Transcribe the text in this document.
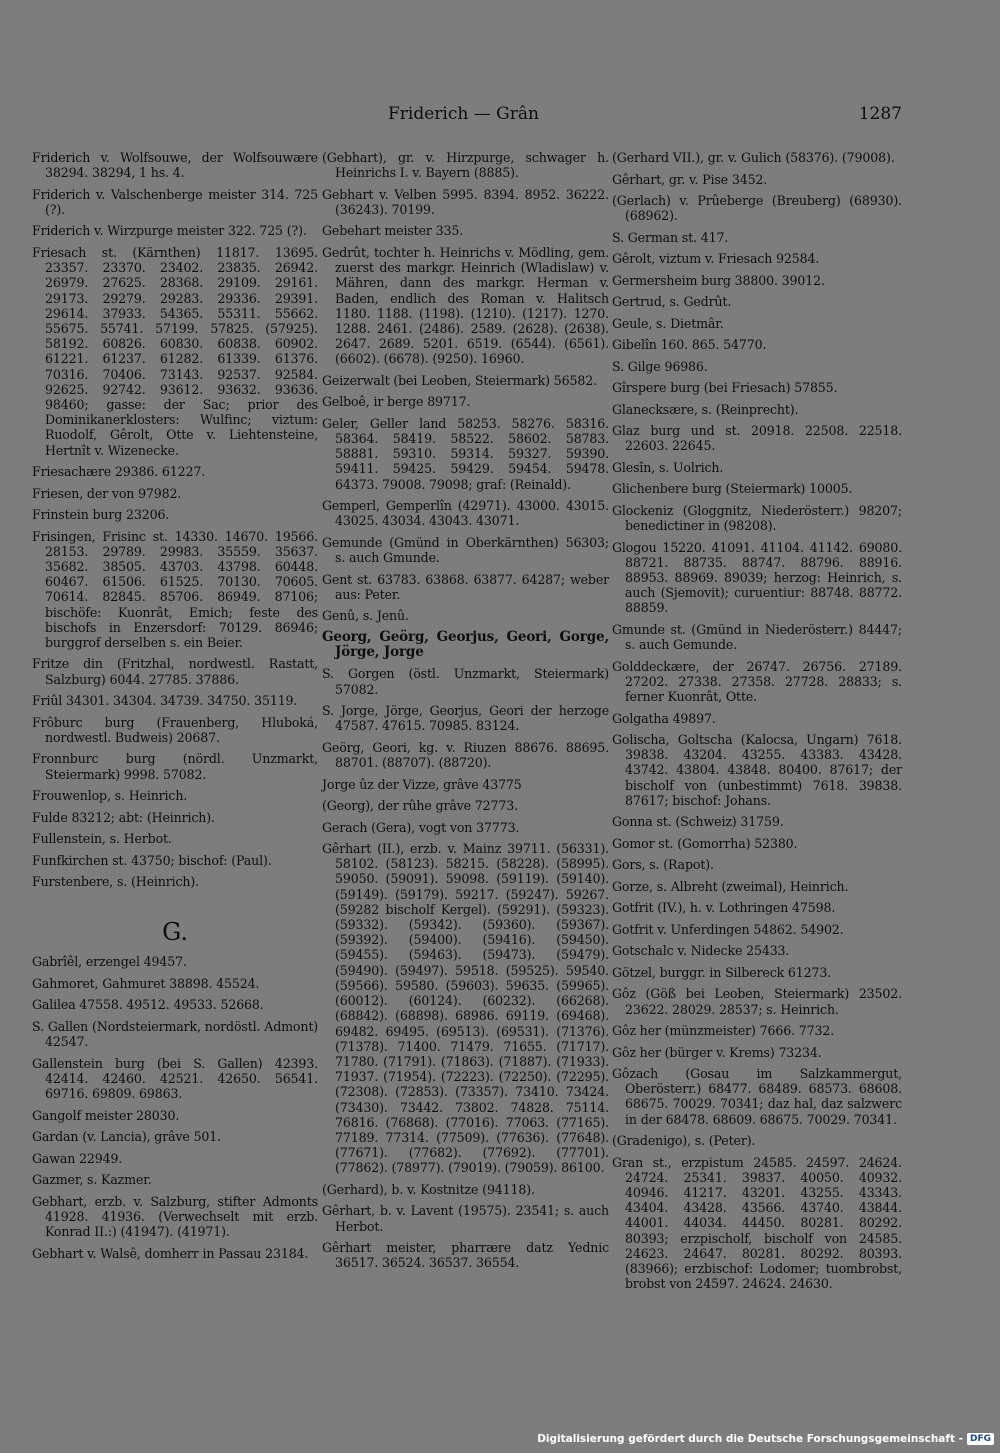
Friderich — Grân	1287

Friderich v. Wolfsouwe, der Wolfsouwære 38294. 38294, 1 hs. 4.

Friderich v. Valschenberge meister 314. 725 (?).

Friderich v. Wirzpurge meister 322. 725 (?).

Friesach st. (Kärnthen) 11817. 13695. 23357. 23370. 23402. 23835. 26942. 26979. 27625. 28368. 29109. 29161. 29173. 29279. 29283. 29336. 29391. 29614. 37933. 54365. 55311. 55662. 55675. 55741. 57199. 57825. (57925). 58192. 60826. 60830. 60838. 60902. 61221. 61237. 61282. 61339. 61376. 70316. 70406. 73143. 92537. 92584. 92625. 92742. 93612. 93632. 93636. 98460; gasse: der Sac; prior des Dominikanerklosters: Wulfinc; viztum: Ruodolf, Gêrolt, Otte v. Liehtensteine, Hertnît v. Wizenecke.

Friesachære 29386. 61227.

Friesen, der von 97982.

Frinstein burg 23206.

Frisingen, Frisinc st. 14330. 14670. 19566. 28153. 29789. 29983. 35559. 35637. 35682. 38505. 43703. 43798. 60448. 60467. 61506. 61525. 70130. 70605. 70614. 82845. 85706. 86949. 87106; bischöfe: Kuonrât, Emich; feste des bischofs in Enzersdorf: 70129. 86946; burggrof derselben s. ein Beier.

Fritze din (Fritzhal, nordwestl. Rastatt, Salzburg) 6044. 27785. 37886.

Friûl 34301. 34304. 34739. 34750. 35119.

Frôburc burg (Frauenberg, Hluboká, nordwestl. Budweis) 20687.

Fronnburc burg (nördl. Unzmarkt, Steiermark) 9998. 57082.

Frouwenlop, s. Heinrich.

Fulde 83212; abt: (Heinrich).

Fullenstein, s. Herbot.

Funfkirchen st. 43750; bischof: (Paul).

Furstenbere, s. (Heinrich).

G.

Gabrîêl, erzengel 49457.

Gahmoret, Gahmuret 38898. 45524.

Galilea 47558. 49512. 49533. 52668.

S. Gallen (Nordsteiermark, nordöstl. Admont) 42547.

Gallenstein burg (bei S. Gallen) 42393. 42414. 42460. 42521. 42650. 56541. 69716. 69809. 69863.

Gangolf meister 28030.

Gardan (v. Lancia), grâve 501.

Gawan 22949.

Gazmer, s. Kazmer.

Gebhart, erzb. v. Salzburg, stifter Admonts 41928. 41936. (Verwechselt mit erzb. Konrad II.:) (41947). (41971).

Gebhart v. Walsê, domherr in Passau 23184.

(Gebhart), gr. v. Hirzpurge, schwager h. Heinrichs I. v. Bayern (8885).

Gebhart v. Velben 5995. 8394. 8952. 36222. (36243). 70199.

Gebehart meister 335.

Gedrût, tochter h. Heinrichs v. Mödling, gem. zuerst des markgr. Heinrich (Wladislaw) v. Mähren, dann des markgr. Herman v. Baden, endlich des Roman v. Halitsch 1180. 1188. (1198). (1210). (1217). 1270. 1288. 2461. (2486). 2589. (2628). (2638). 2647. 2689. 5201. 6519. (6544). (6561). (6602). (6678). (9250). 16960.

Geizerwalt (bei Leoben, Steiermark) 56582.

Gelboê, ir berge 89717.

Geler, Geller land 58253. 58276. 58316. 58364. 58419. 58522. 58602. 58783. 58881. 59310. 59314. 59327. 59390. 59411. 59425. 59429. 59454. 59478. 64373. 79008. 79098; graf: (Reinald).

Gemperl, Gemperlîn (42971). 43000. 43015. 43025. 43034. 43043. 43071.

Gemunde (Gmünd in Oberkärnthen) 56303; s. auch Gmunde.

Gent st. 63783. 63868. 63877. 64287; weber aus: Peter.

Genû, s. Jenû.

Georg, Geörg, Georjus, Geori, Gorge, Jörge, Jorge

S. Gorgen (östl. Unzmarkt, Steiermark) 57082.

S. Jorge, Jörge, Georjus, Geori der herzoge 47587. 47615. 70985. 83124.

Geörg, Geori, kg. v. Riuzen 88676. 88695. 88701. (88707). (88720).

Jorge ûz der Vizze, grâve 43775

(Georg), der rûhe grâve 72773.

Gerach (Gera), vogt von 37773.

Gêrhart (II.), erzb. v. Mainz 39711. (56331). 58102. (58123). 58215. (58228). (58995). 59050. (59091). 59098. (59119). (59140). (59149). (59179). 59217. (59247). 59267. (59282 bischolf Kergel). (59291). (59323). (59332). (59342). (59360). (59367). (59392). (59400). (59416). (59450). (59455). (59463). (59473). (59479). (59490). (59497). 59518. (59525). 59540. (59566). 59580. (59603). 59635. (59965). (60012). (60124). (60232). (66268). (68842). (68898). 68986. 69119. (69468). 69482. 69495. (69513). (69531). (71376). (71378). 71400. 71479. 71655. (71717). 71780. (71791). (71863). (71887). (71933). 71937. (71954). (72223). (72250). (72295). (72308). (72853). (73357). 73410. 73424. (73430). 73442. 73802. 74828. 75114. 76816. (76868). (77016). 77063. (77165). 77189. 77314. (77509). (77636). (77648). (77671). (77682). (77692). (77701). (77862). (78977). (79019). (79059). 86100.

(Gerhard), b. v. Kostnitze (94118).

Gêrhart, b. v. Lavent (19575). 23541; s. auch Herbot.

Gêrhart meister, pharrære datz Yednic 36517. 36524. 36537. 36554.

(Gerhard VII.), gr. v. Gulich (58376). (79008).

Gêrhart, gr. v. Pise 3452.

(Gerlach) v. Prûeberge (Breuberg) (68930). (68962).

S. German st. 417.

Gêrolt, viztum v. Friesach 92584.

Germersheim burg 38800. 39012.

Gertrud, s. Gedrût.

Geule, s. Dietmâr.

Gibelîn 160. 865. 54770.

S. Gilge 96986.

Gîrspere burg (bei Friesach) 57855.

Glanecksære, s. (Reinprecht).

Glaz burg und st. 20918. 22508. 22518. 22603. 22645.

Glesîn, s. Uolrich.

Glichenbere burg (Steiermark) 10005.

Glockeniz (Gloggnitz, Niederösterr.) 98207; benedictiner in (98208).

Glogou 15220. 41091. 41104. 41142. 69080. 88721. 88735. 88747. 88796. 88916. 88953. 88969. 89039; herzog: Heinrich, s. auch (Sjemovit); curuentiur: 88748. 88772. 88859.

Gmunde st. (Gmünd in Niederösterr.) 84447; s. auch Gemunde.

Golddeckære, der 26747. 26756. 27189. 27202. 27338. 27358. 27728. 28833; s. ferner Kuonrât, Otte.

Golgatha 49897.

Golischa, Goltscha (Kalocsa, Ungarn) 7618. 39838. 43204. 43255. 43383. 43428. 43742. 43804. 43848. 80400. 87617; der bischolf von (unbestimmt) 7618. 39838. 87617; bischof: Johans.

Gonna st. (Schweiz) 31759.

Gomor st. (Gomorrha) 52380.

Gors, s. (Rapot).

Gorze, s. Albreht (zweimal), Heinrich.

Gotfrit (IV.), h. v. Lothringen 47598.

Gotfrit v. Unferdingen 54862. 54902.

Gotschalc v. Nidecke 25433.

Götzel, burggr. in Silbereck 61273.

Gôz (Göß bei Leoben, Steiermark) 23502. 23622. 28029. 28537; s. Heinrich.

Gôz her (münzmeister) 7666. 7732.

Gôz her (bürger v. Krems) 73234.

Gôzach (Gosau im Salzkammergut, Oberösterr.) 68477. 68489. 68573. 68608. 68675. 70029. 70341; daz hal, daz salzwerc in der 68478. 68609. 68675. 70029. 70341.

(Gradenigo), s. (Peter).

Gran st., erzpistum 24585. 24597. 24624. 24724. 25341. 39837. 40050. 40932. 40946. 41217. 43201. 43255. 43343. 43404. 43428. 43566. 43740. 43844. 44001. 44034. 44450. 80281. 80292. 80393; erzpischolf, bischolf von 24585. 24623. 24647. 80281. 80292. 80393. (83966); erzbischof: Lodomer; tuombrobst, brobst von 24597. 24624. 24630.

Digitalisierung gefördert durch die Deutsche Forschungsgemeinschaft - DFG
